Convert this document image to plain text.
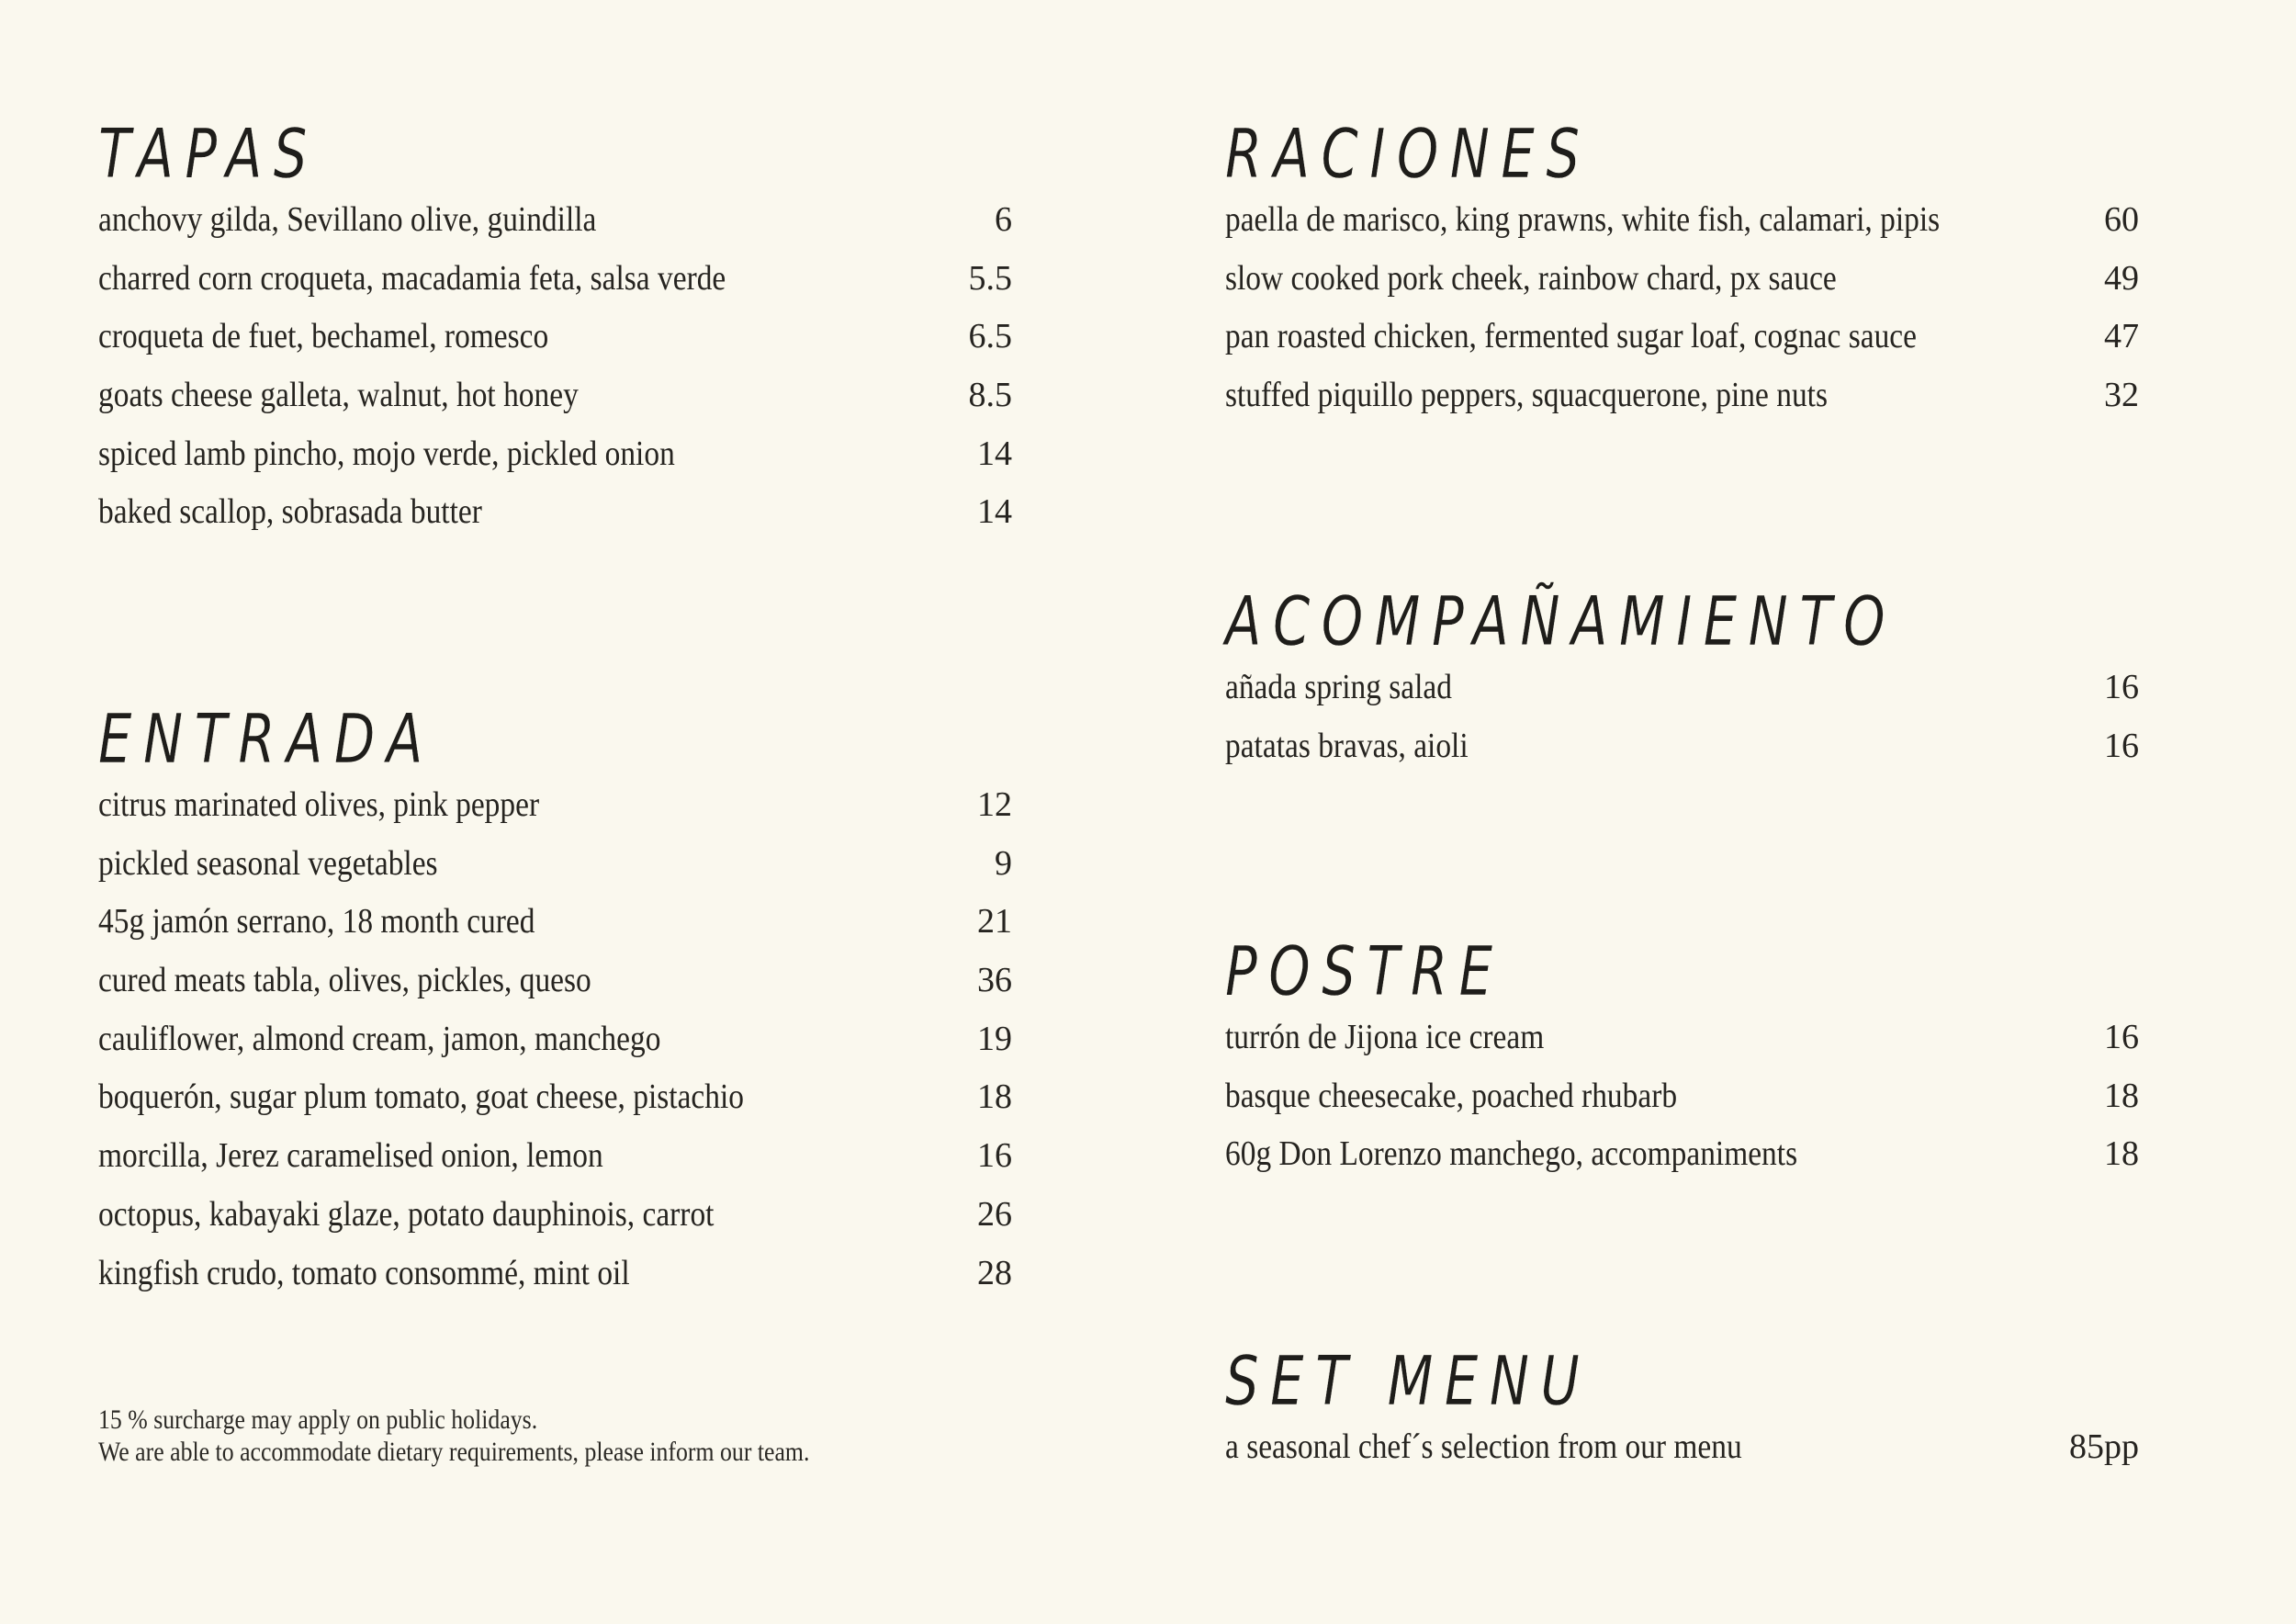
TAPAS
anchovy gilda, Sevillano olive, guindilla	6
charred corn croqueta, macadamia feta, salsa verde	5.5
croqueta de fuet, bechamel, romesco	6.5
goats cheese galleta, walnut, hot honey	8.5
spiced lamb pincho, mojo verde, pickled onion	14
baked scallop, sobrasada butter	14
ENTRADA
citrus marinated olives, pink pepper	12
pickled seasonal vegetables	9
45g jamón serrano, 18 month cured	21
cured meats tabla, olives, pickles, queso	36
cauliflower, almond cream, jamon, manchego	19
boquerón, sugar plum tomato, goat cheese, pistachio	18
morcilla, Jerez caramelised onion, lemon	16
octopus, kabayaki glaze, potato dauphinois, carrot	26
kingfish crudo, tomato consommé, mint oil	28
15 % surcharge may apply on public holidays.
We are able to accommodate dietary requirements, please inform our team.
RACIONES
paella de marisco, king prawns, white fish, calamari, pipis	60
slow cooked pork cheek, rainbow chard, px sauce	49
pan roasted chicken, fermented sugar loaf, cognac sauce	47
stuffed piquillo peppers, squacquerone, pine nuts	32
ACOMPAÑAMIENTO
añada spring salad	16
patatas bravas, aioli	16
POSTRE
turrón de Jijona ice cream	16
basque cheesecake, poached rhubarb	18
60g Don Lorenzo manchego, accompaniments	18
SET MENU
a seasonal chef´s selection from our menu	85pp
